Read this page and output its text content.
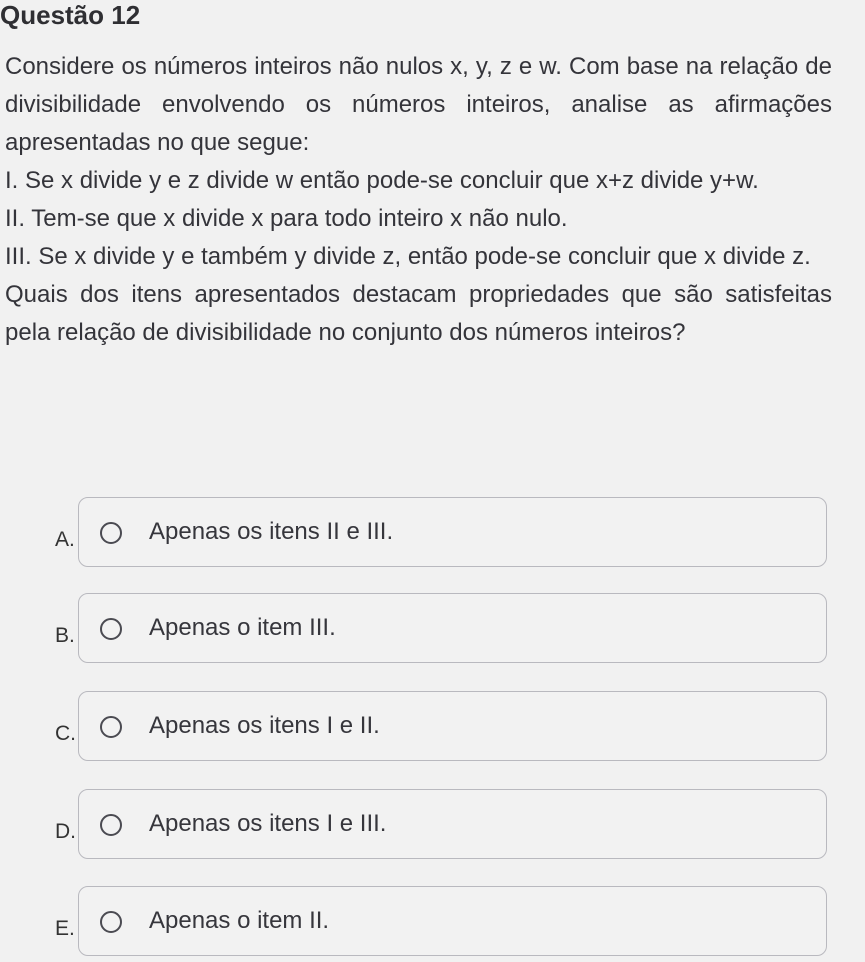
Questão 12

Considere os números inteiros não nulos x, y, z e w. Com base na relação de divisibilidade envolvendo os números inteiros, analise as afirmações apresentadas no que segue:

I. Se x divide y e z divide w então pode-se concluir que x+z divide y+w.

II. Tem-se que x divide x para todo inteiro x não nulo.

III. Se x divide y e também y divide z, então pode-se concluir que x divide z.

Quais dos itens apresentados destacam propriedades que são satisfeitas pela relação de divisibilidade no conjunto dos números inteiros?

A.	Apenas os itens II e III.
B.	Apenas o item III.
C.	Apenas os itens I e II.
D.	Apenas os itens I e III.
E.	Apenas o item II.
